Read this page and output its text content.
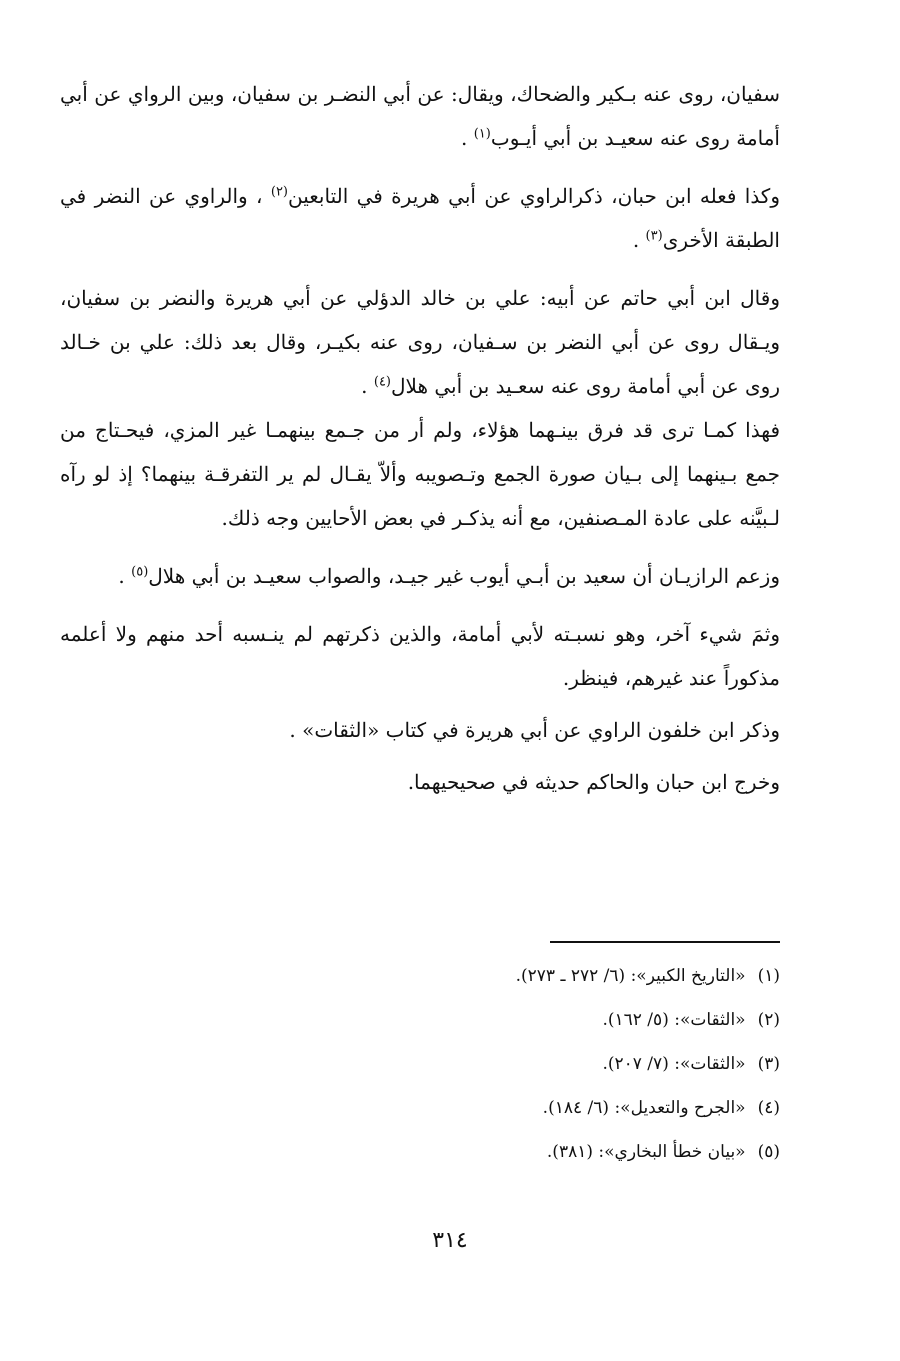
سفيان، روى عنه بـكير والضحاك، ويقال: عن أبي النضـر بن سفيان، وبين الرواي عن أبي أمامة روى عنه سعيـد بن أبي أيـوب$^{(١)}$ .

وكذا فعله ابن حبان، ذكرالراوي عن أبي هريرة في التابعين$^{(٢)}$ ، والراوي عن النضر في الطبقة الأخرى$^{(٣)}$ .

وقال ابن أبي حاتم عن أبيه: علي بن خالد الدؤلي عن أبي هريرة والنضر بن سفيان، ويـقال روى عن أبي النضر بن سـفيان، روى عنه بكيـر، وقال بعد ذلك: علي بن خـالد روى عن أبي أمامة روى عنه سعـيد بن أبي هلال$^{(٤)}$ .

فهذا كمـا ترى قد فرق بينـهما هؤلاء، ولم أر من جـمع بينهمـا غير المزي، فيحـتاج من جمع بـينهما إلى بـيان صورة الجمع وتـصويبه وألاّ يقـال لم ير التفرقـة بينهما؟ إذ لو رآه لـبيَّنه على عادة المـصنفين، مع أنه يذكـر في بعض الأحايين وجه ذلك.

وزعم الرازيـان أن سعيد بن أبـي أيوب غير جيـد، والصواب سعيـد بن أبي هلال$^{(٥)}$ .

وثمَ شيء آخر، وهو نسبـته لأبي أمامة، والذين ذكرتهم لم ينـسبه أحد منهم ولا أعلمه مذكوراً عند غيرهم، فينظر.

وذكر ابن خلفون الراوي عن أبي هريرة في كتاب «الثقات» .

وخرج ابن حبان والحاكم حديثه في صحيحيهما.

(١)«التاريخ الكبير»: (٦/ ٢٧٢ ـ ٢٧٣).
(٢)«الثقات»: (٥/ ١٦٢).
(٣)«الثقات»: (٧/ ٢٠٧).
(٤)«الجرح والتعديل»: (٦/ ١٨٤).
(٥)«بيان خطأ البخاري»: (٣٨١).
٣١٤
